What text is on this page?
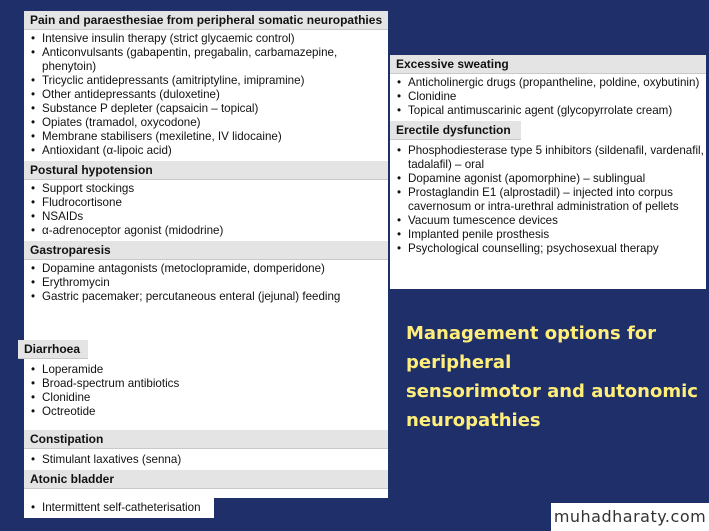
Pain and paraesthesiae from peripheral somatic neuropathies
• Intensive insulin therapy (strict glycaemic control)
• Anticonvulsants (gabapentin, pregabalin, carbamazepine,
phenytoin)
• Tricyclic antidepressants (amitriptyline, imipramine)
• Other antidepressants (duloxetine)
• Substance P depleter (capsaicin – topical)
• Opiates (tramadol, oxycodone)
• Membrane stabilisers (mexiletine, IV lidocaine)
• Antioxidant (α-lipoic acid)
Postural hypotension
• Support stockings
• Fludrocortisone
• NSAIDs
• α-adrenoceptor agonist (midodrine)
Gastroparesis
• Dopamine antagonists (metoclopramide, domperidone)
• Erythromycin
• Gastric pacemaker; percutaneous enteral (jejunal) feeding
Diarrhoea
• Loperamide
• Broad-spectrum antibiotics
• Clonidine
• Octreotide
Constipation
• Stimulant laxatives (senna)
Atonic bladder
• Intermittent self-catheterisation
Excessive sweating
• Anticholinergic drugs (propantheline, poldine, oxybutinin)
• Clonidine
• Topical antimuscarinic agent (glycopyrrolate cream)
Erectile dysfunction
• Phosphodiesterase type 5 inhibitors (sildenafil, vardenafil,
tadalafil) – oral
• Dopamine agonist (apomorphine) – sublingual
• Prostaglandin E1 (alprostadil) – injected into corpus
cavernosum or intra-urethral administration of pellets
• Vacuum tumescence devices
• Implanted penile prosthesis
• Psychological counselling; psychosexual therapy
Management options for
peripheral
sensorimotor and autonomic
neuropathies
muhadharaty.com
